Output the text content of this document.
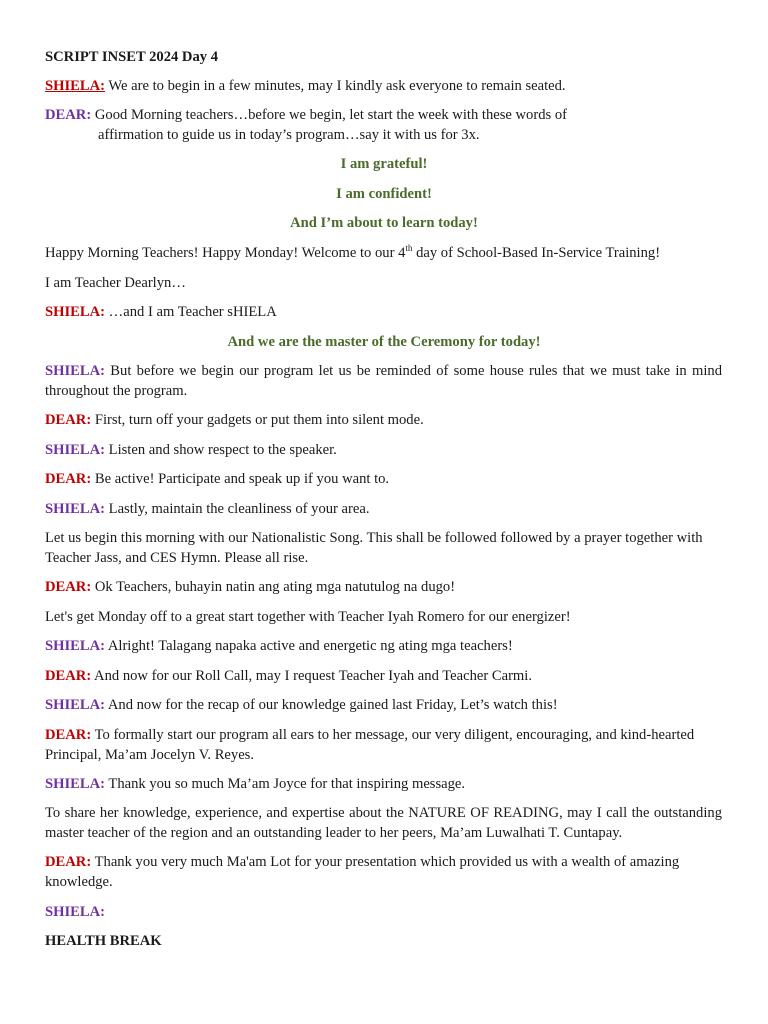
SCRIPT INSET 2024 Day 4

SHIELA: We are to begin in a few minutes, may I kindly ask everyone to remain seated.

DEAR: Good Morning teachers…before we begin, let start the week with these words of
affirmation to guide us in today’s program…say it with us for 3x.

I am grateful!

I am confident!

And I’m about to learn today!

Happy Morning Teachers! Happy Monday! Welcome to our 4th day of School-Based In-Service Training!

I am Teacher Dearlyn…

SHIELA: …and I am Teacher sHIELA

And we are the master of the Ceremony for today!

SHIELA: But before we begin our program let us be reminded of some house rules that we must take in mind throughout the program.

DEAR: First, turn off your gadgets or put them into silent mode.

SHIELA: Listen and show respect to the speaker.

DEAR: Be active! Participate and speak up if you want to.

SHIELA: Lastly, maintain the cleanliness of your area.

Let us begin this morning with our Nationalistic Song. This shall be followed followed by a prayer together with Teacher Jass, and CES Hymn. Please all rise.

DEAR: Ok Teachers, buhayin natin ang ating mga natutulog na dugo!

Let's get Monday off to a great start together with Teacher Iyah Romero for our energizer!

SHIELA: Alright! Talagang napaka active and energetic ng ating mga teachers!

DEAR: And now for our Roll Call, may I request Teacher Iyah and Teacher Carmi.

SHIELA: And now for the recap of our knowledge gained last Friday, Let’s watch this!

DEAR: To formally start our program all ears to her message, our very diligent, encouraging, and kind-hearted Principal, Ma’am Jocelyn V. Reyes.

SHIELA: Thank you so much Ma’am Joyce for that inspiring message.

To share her knowledge, experience, and expertise about the NATURE OF READING, may I call the outstanding master teacher of the region and an outstanding leader to her peers, Ma’am Luwalhati T. Cuntapay.

DEAR: Thank you very much Ma'am Lot for your presentation which provided us with a wealth of amazing knowledge.

SHIELA:

HEALTH BREAK
